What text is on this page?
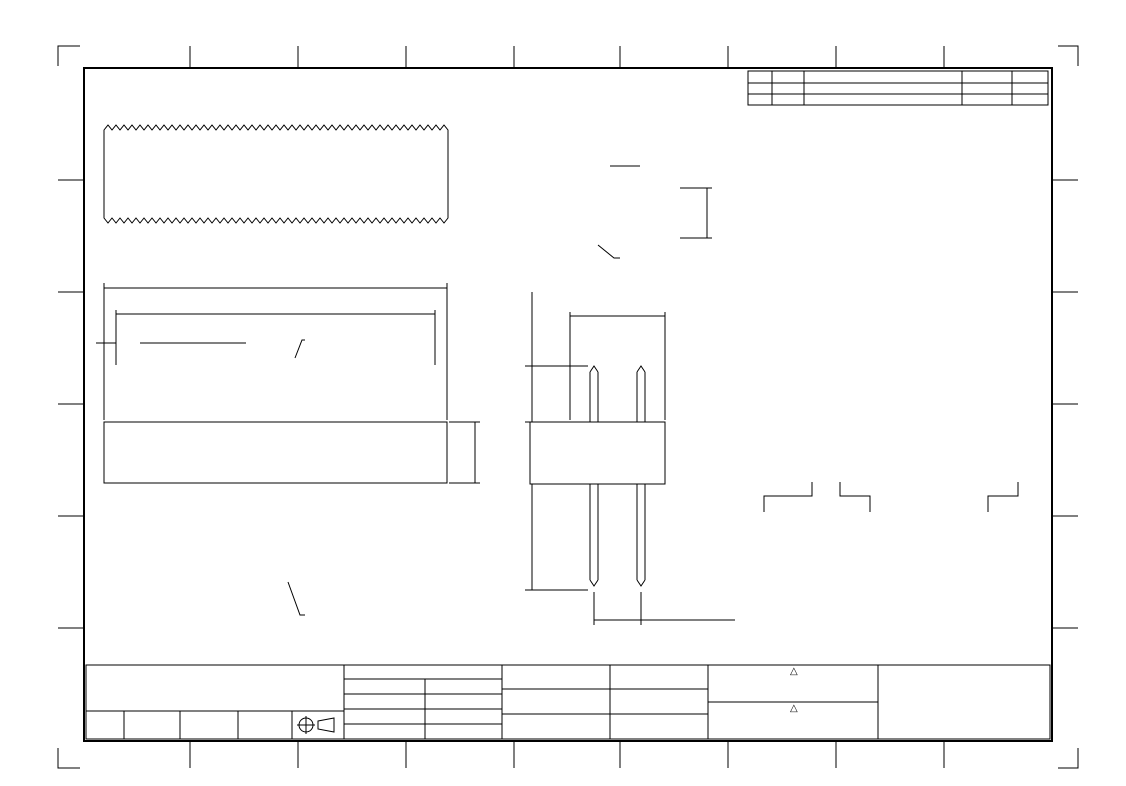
△
△
